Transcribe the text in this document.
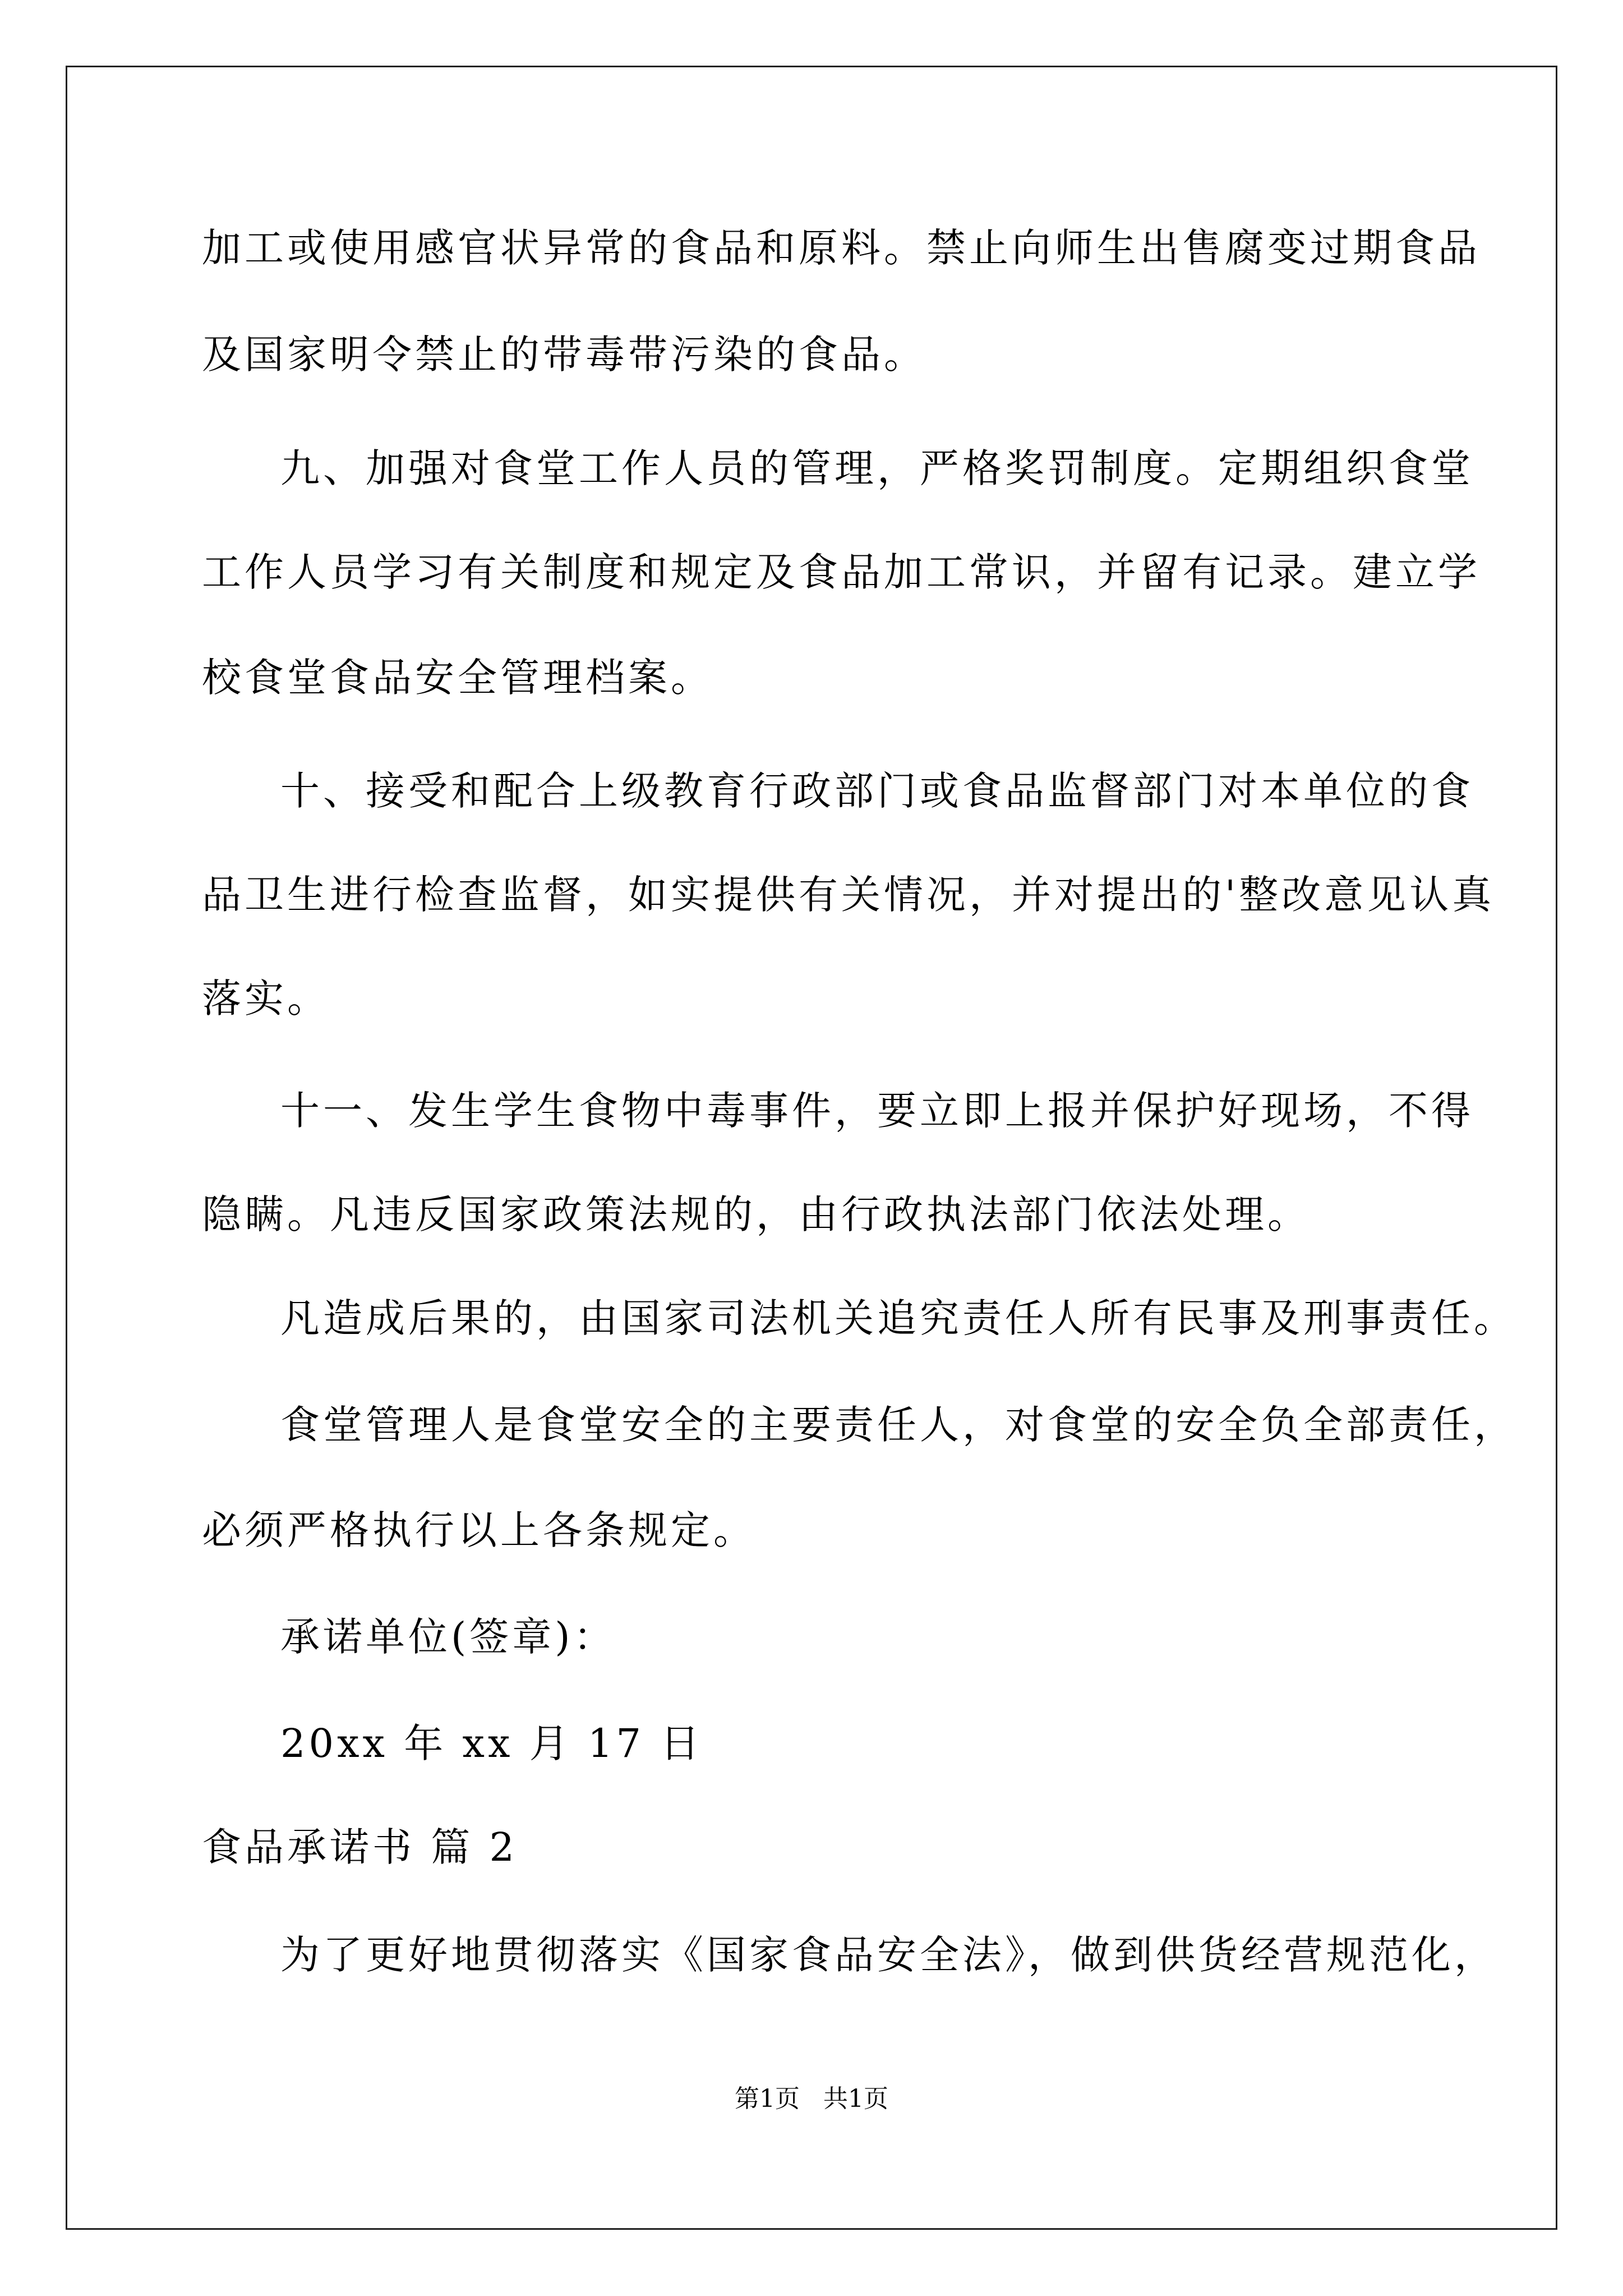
加工或使用感官状异常的食品和原料。禁止向师生出售腐变过期食品
及国家明令禁止的带毒带污染的食品。
九、加强对食堂工作人员的管理，严格奖罚制度。定期组织食堂
工作人员学习有关制度和规定及食品加工常识，并留有记录。建立学
校食堂食品安全管理档案。
十、接受和配合上级教育行政部门或食品监督部门对本单位的食
品卫生进行检查监督，如实提供有关情况，并对提出的'整改意见认真
落实。
十一、发生学生食物中毒事件，要立即上报并保护好现场，不得
隐瞒。凡违反国家政策法规的，由行政执法部门依法处理。
凡造成后果的，由国家司法机关追究责任人所有民事及刑事责任。
食堂管理人是食堂安全的主要责任人，对食堂的安全负全部责任，
必须严格执行以上各条规定。
承诺单位(签章)：
20xx 年 xx 月 17 日
食品承诺书 篇 2
为了更好地贯彻落实《国家食品安全法》，做到供货经营规范化，
第1页   共1页
